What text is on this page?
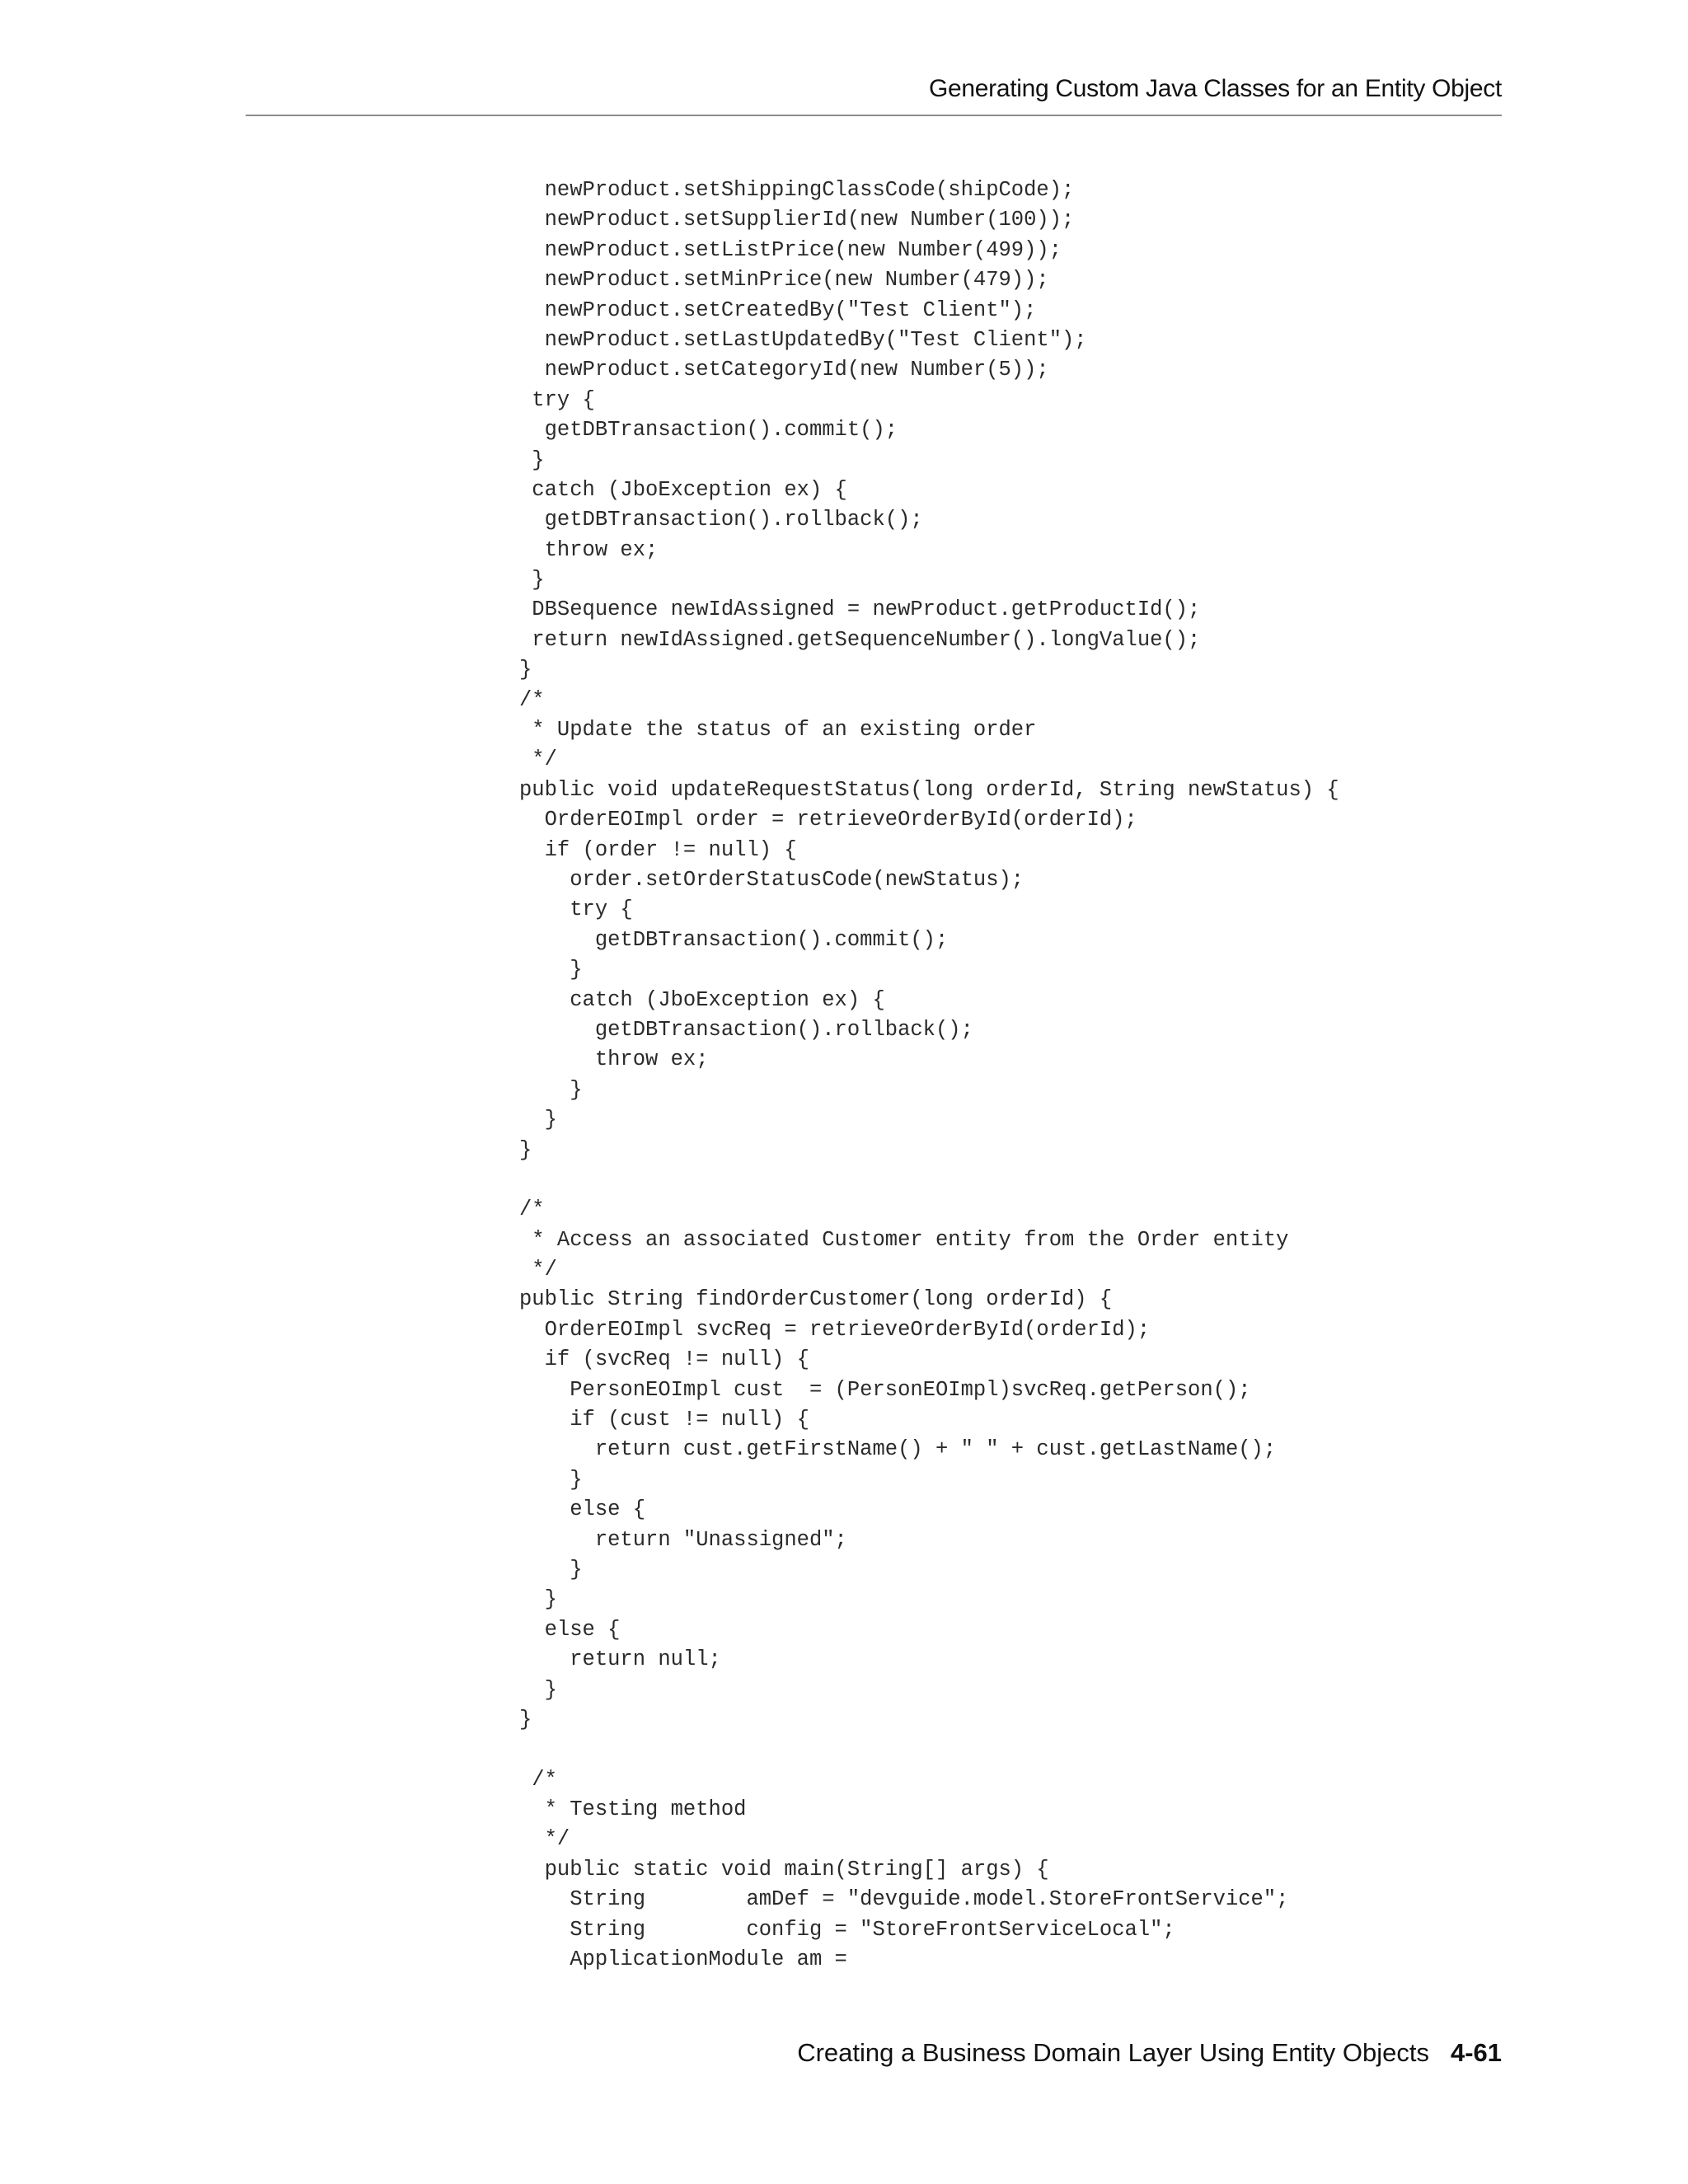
Generating Custom Java Classes for an Entity Object
newProduct.setShippingClassCode(shipCode);
newProduct.setSupplierId(new Number(100));
newProduct.setListPrice(new Number(499));
newProduct.setMinPrice(new Number(479));
newProduct.setCreatedBy("Test Client");
newProduct.setLastUpdatedBy("Test Client");
newProduct.setCategoryId(new Number(5));
try {
getDBTransaction().commit();
}
catch (JboException ex) {
getDBTransaction().rollback();
throw ex;
}
DBSequence newIdAssigned = newProduct.getProductId();
return newIdAssigned.getSequenceNumber().longValue();
}
/*
* Update the status of an existing order
*/
public void updateRequestStatus(long orderId, String newStatus) {
OrderEOImpl order = retrieveOrderById(orderId);
if (order != null) {
order.setOrderStatusCode(newStatus);
try {
getDBTransaction().commit();
}
catch (JboException ex) {
getDBTransaction().rollback();
throw ex;
}
}
}
/*
* Access an associated Customer entity from the Order entity
*/
public String findOrderCustomer(long orderId) {
OrderEOImpl svcReq = retrieveOrderById(orderId);
if (svcReq != null) {
PersonEOImpl cust  = (PersonEOImpl)svcReq.getPerson();
if (cust != null) {
return cust.getFirstName() + " " + cust.getLastName();
}
else {
return "Unassigned";
}
}
else {
return null;
}
}
/*
* Testing method
*/
public static void main(String[] args) {
String        amDef = "devguide.model.StoreFrontService";
String        config = "StoreFrontServiceLocal";
ApplicationModule am =
Creating a Business Domain Layer Using Entity Objects 4-61
